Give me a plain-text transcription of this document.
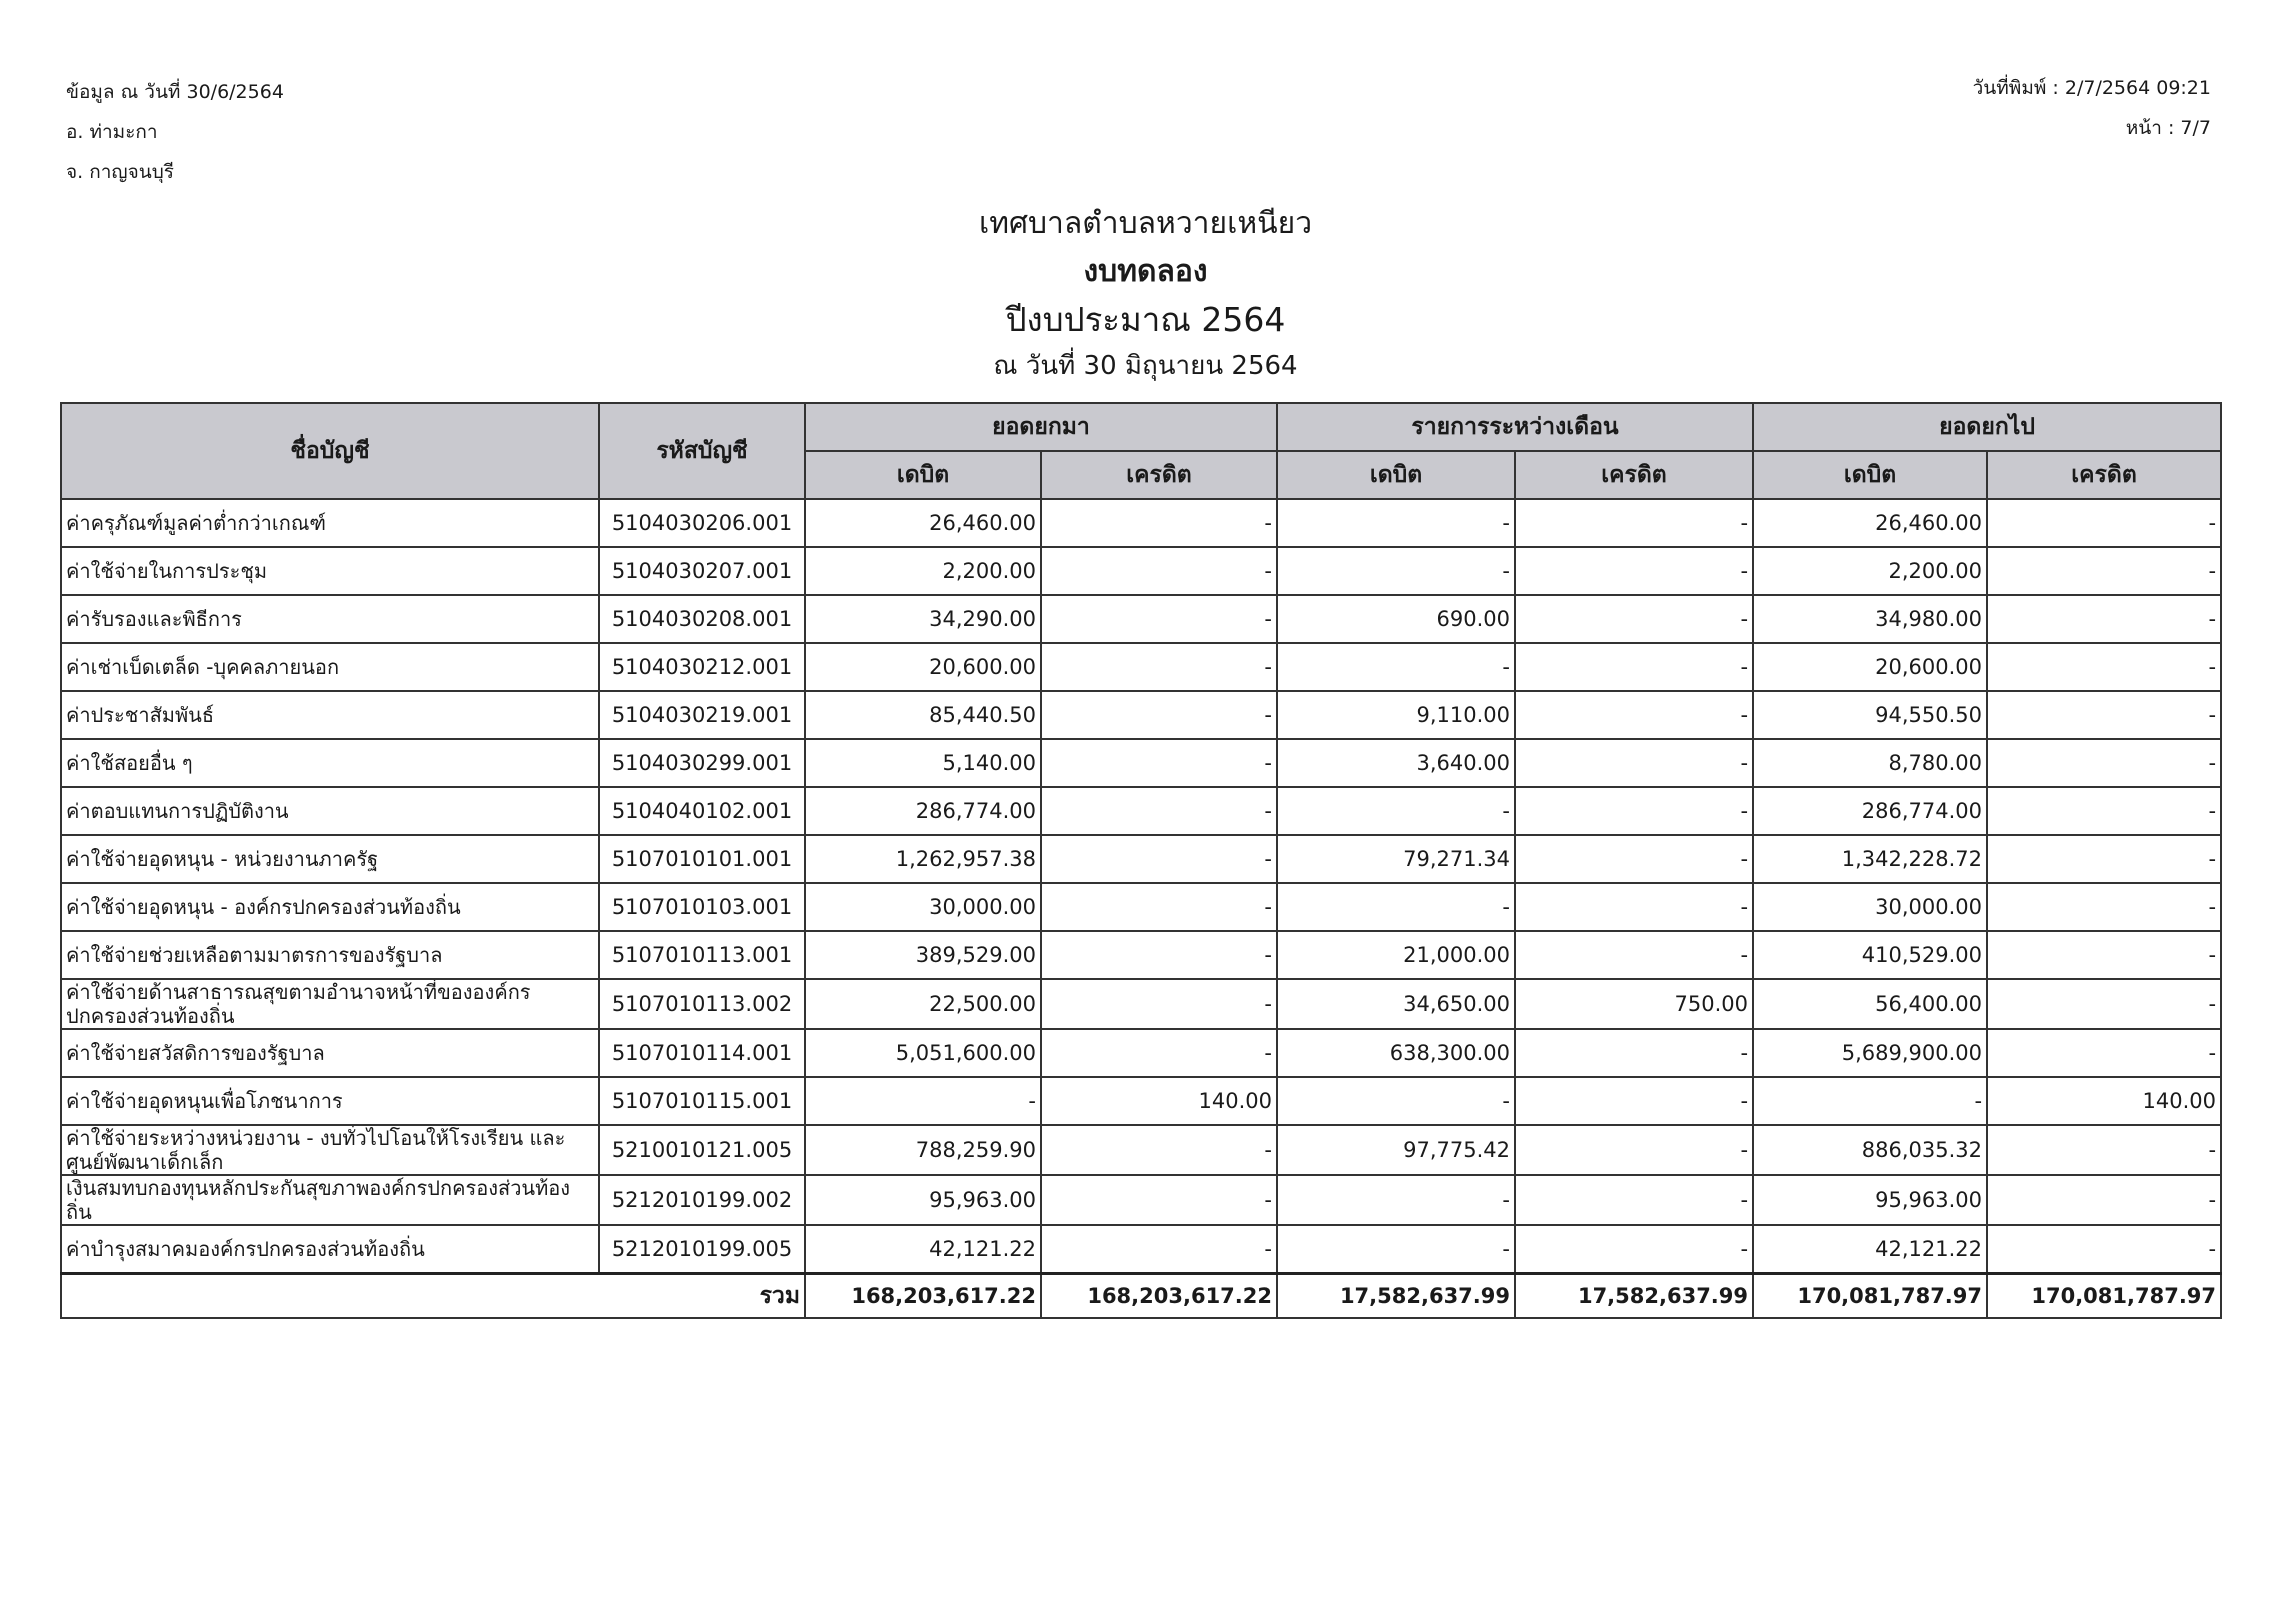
ข้อมูล ณ วันที่ 30/6/2564
อ. ท่ามะกา
จ. กาญจนบุรี
วันที่พิมพ์ : 2/7/2564 09:21
หน้า : 7/7
เทศบาลตำบลหวายเหนียว
งบทดลอง
ปีงบประมาณ 2564
ณ วันที่ 30 มิถุนายน 2564
ชื่อบัญชี	รหัสบัญชี	ยอดยกมา		รายการระหว่างเดือน		ยอดยกไป	
		เดบิต	เครดิต	เดบิต	เครดิต	เดบิต	เครดิต
ค่าครุภัณฑ์มูลค่าต่ำกว่าเกณฑ์	5104030206.001	26,460.00	-	-	-	26,460.00	-
ค่าใช้จ่ายในการประชุม	5104030207.001	2,200.00	-	-	-	2,200.00	-
ค่ารับรองและพิธีการ	5104030208.001	34,290.00	-	690.00	-	34,980.00	-
ค่าเช่าเบ็ดเตล็ด -บุคคลภายนอก	5104030212.001	20,600.00	-	-	-	20,600.00	-
ค่าประชาสัมพันธ์	5104030219.001	85,440.50	-	9,110.00	-	94,550.50	-
ค่าใช้สอยอื่น ๆ	5104030299.001	5,140.00	-	3,640.00	-	8,780.00	-
ค่าตอบแทนการปฏิบัติงาน	5104040102.001	286,774.00	-	-	-	286,774.00	-
ค่าใช้จ่ายอุดหนุน - หน่วยงานภาครัฐ	5107010101.001	1,262,957.38	-	79,271.34	-	1,342,228.72	-
ค่าใช้จ่ายอุดหนุน - องค์กรปกครองส่วนท้องถิ่น	5107010103.001	30,000.00	-	-	-	30,000.00	-
ค่าใช้จ่ายช่วยเหลือตามมาตรการของรัฐบาล	5107010113.001	389,529.00	-	21,000.00	-	410,529.00	-
ค่าใช้จ่ายด้านสาธารณสุขตามอำนาจหน้าที่ขององค์กรปกครองส่วนท้องถิ่น	5107010113.002	22,500.00	-	34,650.00	750.00	56,400.00	-
ค่าใช้จ่ายสวัสดิการของรัฐบาล	5107010114.001	5,051,600.00	-	638,300.00	-	5,689,900.00	-
ค่าใช้จ่ายอุดหนุนเพื่อโภชนาการ	5107010115.001	-	140.00	-	-	-	140.00
ค่าใช้จ่ายระหว่างหน่วยงาน - งบทั่วไปโอนให้โรงเรียน และศูนย์พัฒนาเด็กเล็ก	5210010121.005	788,259.90	-	97,775.42	-	886,035.32	-
เงินสมทบกองทุนหลักประกันสุขภาพองค์กรปกครองส่วนท้องถิ่น	5212010199.002	95,963.00	-	-	-	95,963.00	-
ค่าบำรุงสมาคมองค์กรปกครองส่วนท้องถิ่น	5212010199.005	42,121.22	-	-	-	42,121.22	-
รวม		168,203,617.22	168,203,617.22	17,582,637.99	17,582,637.99	170,081,787.97	170,081,787.97
